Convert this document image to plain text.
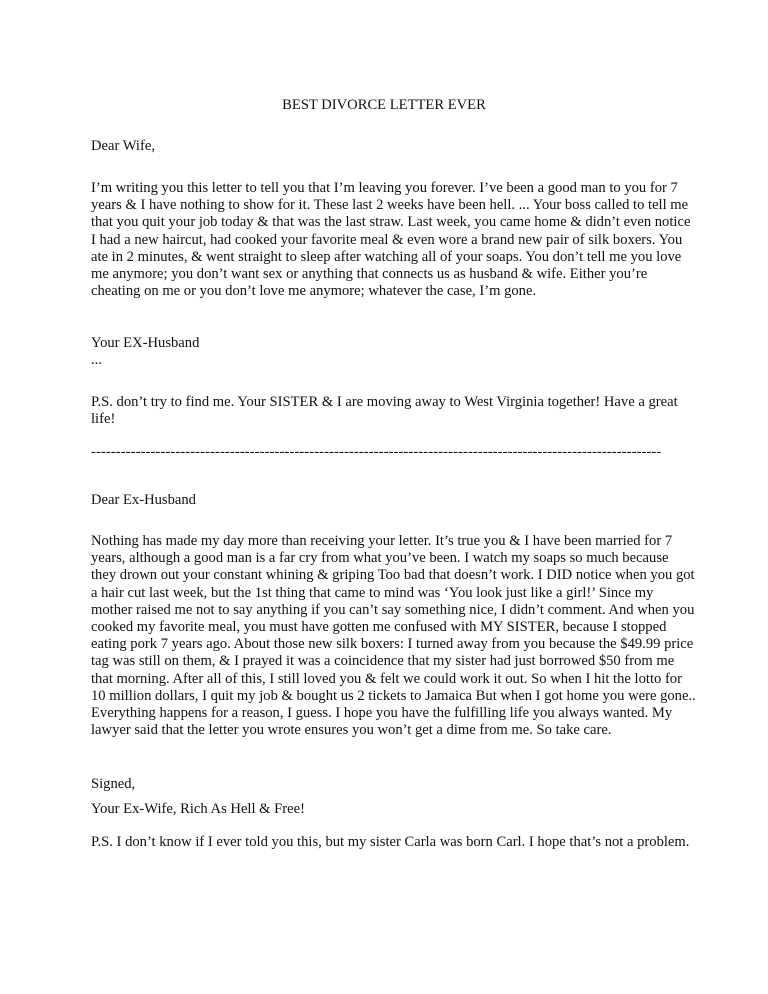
BEST DIVORCE LETTER EVER

Dear Wife,

I’m writing you this letter to tell you that I’m leaving you forever. I’ve been a good man to you for 7 years & I have nothing to show for it. These last 2 weeks have been hell. ... Your boss called to tell me that you quit your job today & that was the last straw. Last week, you came home & didn’t even notice I had a new haircut, had cooked your favorite meal & even wore a brand new pair of silk boxers. You ate in 2 minutes, & went straight to sleep after watching all of your soaps. You don’t tell me you love me anymore; you don’t want sex or anything that connects us as husband & wife. Either you’re cheating on me or you don’t love me anymore; whatever the case, I’m gone.

Your EX-Husband

...

P.S. don’t try to find me. Your SISTER & I are moving away to West Virginia together! Have a great life!

-------------------------------------------------------------------------------------------------------------------

Dear Ex-Husband

Nothing has made my day more than receiving your letter. It’s true you & I have been married for 7 years, although a good man is a far cry from what you’ve been. I watch my soaps so much because they drown out your constant whining & griping Too bad that doesn’t work. I DID notice when you got a hair cut last week, but the 1st thing that came to mind was ‘You look just like a girl!’ Since my mother raised me not to say anything if you can’t say something nice, I didn’t comment. And when you cooked my favorite meal, you must have gotten me confused with MY SISTER, because I stopped eating pork 7 years ago. About those new silk boxers: I turned away from you because the $49.99 price tag was still on them, & I prayed it was a coincidence that my sister had just borrowed $50 from me that morning. After all of this, I still loved you & felt we could work it out. So when I hit the lotto for 10 million dollars, I quit my job & bought us 2 tickets to Jamaica But when I got home you were gone.. Everything happens for a reason, I guess. I hope you have the fulfilling life you always wanted. My lawyer said that the letter you wrote ensures you won’t get a dime from me. So take care.

Signed,

Your Ex-Wife, Rich As Hell & Free!

P.S. I don’t know if I ever told you this, but my sister Carla was born Carl. I hope that’s not a problem.
